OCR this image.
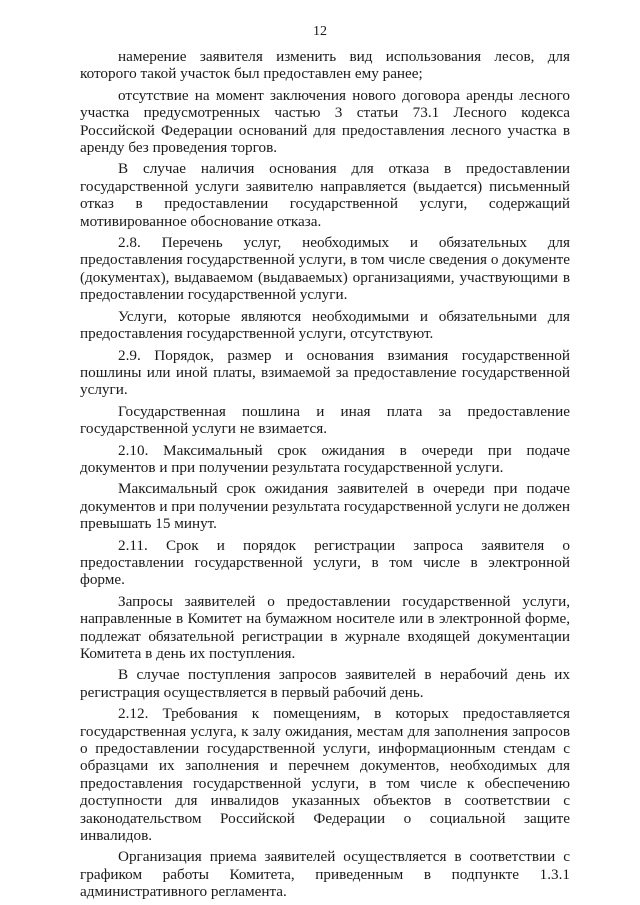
12

намерение заявителя изменить вид использования лесов, для которого такой участок был предоставлен ему ранее;

отсутствие на момент заключения нового договора аренды лесного участка предусмотренных частью 3 статьи 73.1 Лесного кодекса Российской Федерации оснований для предоставления лесного участка в аренду без проведения торгов.

В случае наличия основания для отказа в предоставлении государственной услуги заявителю направляется (выдается) письменный отказ в предоставлении государственной услуги, содержащий мотивированное обоснование отказа.

2.8. Перечень услуг, необходимых и обязательных для предоставления государственной услуги, в том числе сведения о документе (документах), выдаваемом (выдаваемых) организациями, участвующими в предоставлении государственной услуги.

Услуги, которые являются необходимыми и обязательными для предоставления государственной услуги, отсутствуют.

2.9. Порядок, размер и основания взимания государственной пошлины или иной платы, взимаемой за предоставление государственной услуги.

Государственная пошлина и иная плата за предоставление государственной услуги не взимается.

2.10. Максимальный срок ожидания в очереди при подаче документов и при получении результата государственной услуги.

Максимальный срок ожидания заявителей в очереди при подаче документов и при получении результата государственной услуги не должен превышать 15 минут.

2.11. Срок и порядок регистрации запроса заявителя о предоставлении государственной услуги, в том числе в электронной форме.

Запросы заявителей о предоставлении государственной услуги, направленные в Комитет на бумажном носителе или в электронной форме, подлежат обязательной регистрации в журнале входящей документации Комитета в день их поступления.

В случае поступления запросов заявителей в нерабочий день их регистрация осуществляется в первый рабочий день.

2.12. Требования к помещениям, в которых предоставляется государственная услуга, к залу ожидания, местам для заполнения запросов о предоставлении государственной услуги, информационным стендам с образцами их заполнения и перечнем документов, необходимых для предоставления государственной услуги, в том числе к обеспечению доступности для инвалидов указанных объектов в соответствии с законодательством Российской Федерации о социальной защите инвалидов.

Организация приема заявителей осуществляется в соответствии с графиком работы Комитета, приведенным в подпункте 1.3.1 административного регламента.
